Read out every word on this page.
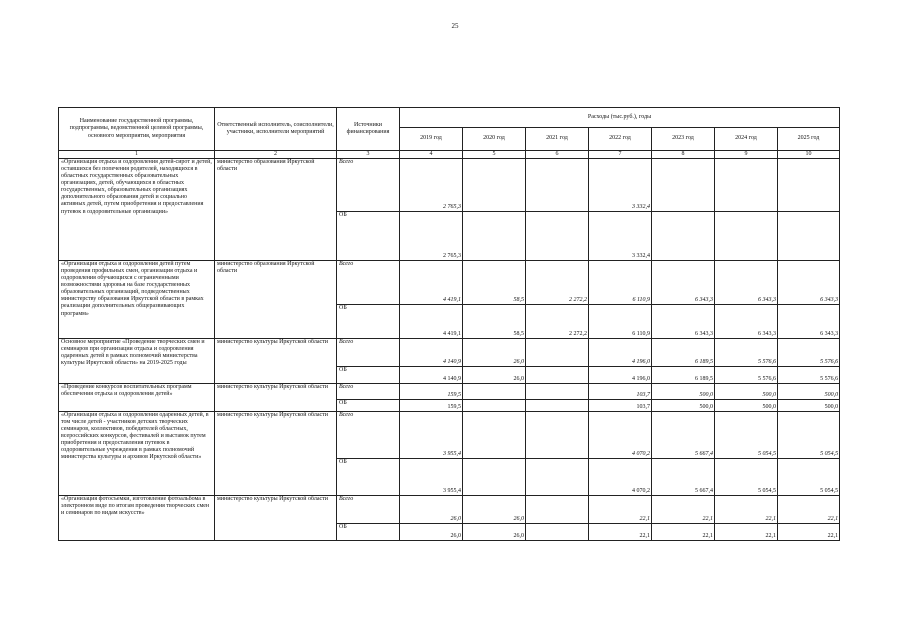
25
Наименование государственной программы, подпрограммы, ведомственной целевой программы, основного мероприятия, мероприятия	Ответственный исполнитель, соисполнители, участники, исполнители мероприятий	Источники финансирования	Расходы (тыс.руб.), годы						
			2019 год	2020 год	2021 год	2022 год	2023 год	2024 год	2025 год
1	2	3	4	5	6	7	8	9	10
«Организация отдыха и оздоровления детей-сирот и детей, оставшихся без попечения родителей, находящихся в областных государственных образовательных организациях, детей, обучающихся в областных государственных, образовательных организациях дополнительного образования детей и социально активных детей, путем приобретения и предоставления путевок в оздоровительные организации»	министерство образования Иркутской области	Всего	2 765,3			3 332,4			
		ОБ	2 765,3			3 332,4			
«Организация отдыха и оздоровления детей путем проведения профильных смен, организация отдыха и оздоровления обучающихся с ограниченными возможностями здоровья на базе государственных образовательных организаций, подведомственных министерству образования Иркутской области в рамках реализации дополнительных общеразвивающих программ»	министерство образования Иркутской области	Всего	4 419,1	58,5	2 272,2	6 110,9	6 343,3	6 343,3	6 343,3
		ОБ	4 419,1	58,5	2 272,2	6 110,9	6 343,3	6 343,3	6 343,3
Основное мероприятие «Проведение творческих смен и семинаров при организации отдыха и оздоровления одаренных детей в рамках полномочий министерства культуры Иркутской области» на 2019-2025 годы	министерство культуры Иркутской области	Всего	4 140,9	26,0		4 196,0	6 189,5	5 576,6	5 576,6
		ОБ	4 140,9	26,0		4 196,0	6 189,5	5 576,6	5 576,6
«Проведение конкурсов воспитательных программ обеспечения отдыха и оздоровления детей»	министерство культуры Иркутской области	Всего	159,5			103,7	500,0	500,0	500,0
		ОБ	159,5			103,7	500,0	500,0	500,0
«Организация отдыха и оздоровления одаренных детей, в том числе детей - участников детских творческих семинаров, коллективов, победителей областных, всероссийских конкурсов, фестивалей и выставок путем приобретения и предоставления путевок в оздоровительные учреждения в рамках полномочий министерства культуры и архивов Иркутской области»	министерство культуры Иркутской области	Всего	3 955,4			4 070,2	5 667,4	5 054,5	5 054,5
		ОБ	3 955,4			4 070,2	5 667,4	5 054,5	5 054,5
«Организация фотосъемки, изготовление фотоальбома в электронном виде по итогам проведения творческих смен и семинаров по видам искусств»	министерство культуры Иркутской области	Всего	26,0	26,0		22,1	22,1	22,1	22,1
		ОБ	26,0	26,0		22,1	22,1	22,1	22,1
